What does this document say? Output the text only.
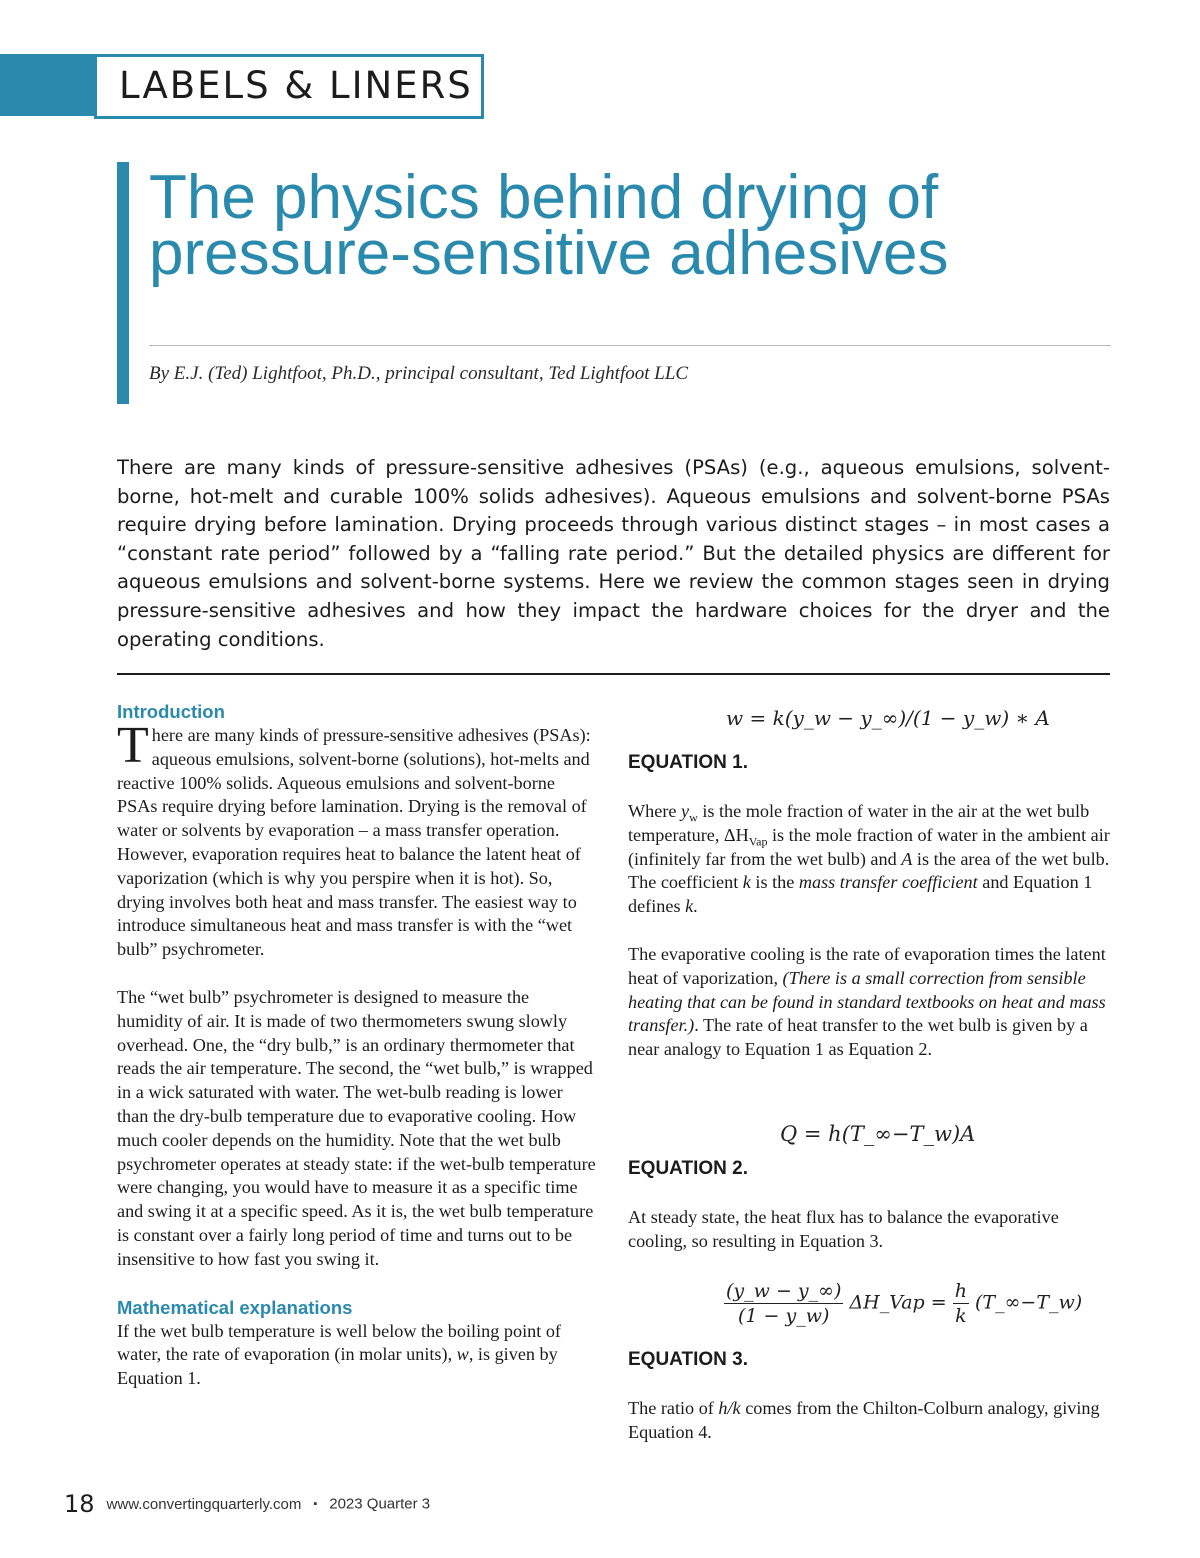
LABELS & LINERS
The physics behind drying of
pressure-sensitive adhesives

By E.J. (Ted) Lightfoot, Ph.D., principal consultant, Ted Lightfoot LLC

There are many kinds of pressure-sensitive adhesives (PSAs) (e.g., aqueous emulsions, solvent-borne, hot-melt and curable 100% solids adhesives). Aqueous emulsions and solvent-borne PSAs require drying before lamination. Drying proceeds through various distinct stages – in most cases a “constant rate period” followed by a “falling rate period.” But the detailed physics are different for aqueous emulsions and solvent-borne systems. Here we review the common stages seen in drying pressure-sensitive adhesives and how they impact the hardware choices for the dryer and the operating conditions.

Introduction

There are many kinds of pressure-sensitive adhesives (PSAs): aqueous emulsions, solvent-borne (solutions), hot-melts and reactive 100% solids. Aqueous emulsions and solvent-borne PSAs require drying before lamination. Drying is the removal of water or solvents by evaporation – a mass transfer operation. However, evaporation requires heat to balance the latent heat of vaporization (which is why you perspire when it is hot). So, drying involves both heat and mass transfer. The easiest way to introduce simultaneous heat and mass transfer is with the “wet bulb” psychrometer.

The “wet bulb” psychrometer is designed to measure the humidity of air. It is made of two thermometers swung slowly overhead. One, the “dry bulb,” is an ordinary thermometer that reads the air temperature. The second, the “wet bulb,” is wrapped in a wick saturated with water. The wet-bulb reading is lower than the dry-bulb temperature due to evaporative cooling. How much cooler depends on the humidity. Note that the wet bulb psychrometer operates at steady state: if the wet-bulb temperature were changing, you would have to measure it as a specific time and swing it at a specific speed. As it is, the wet bulb temperature is constant over a fairly long period of time and turns out to be insensitive to how fast you swing it.

Mathematical explanations

If the wet bulb temperature is well below the boiling point of water, the rate of evaporation (in molar units), w, is given by Equation 1.

w = k(y_w − y_∞)/(1 − y_w) ∗ A

EQUATION 1.

Where $y_w$ is the mole fraction of water in the air at the wet bulb temperature, $\Delta H_{Vap}$ is the mole fraction of water in the ambient air (infinitely far from the wet bulb) and A is the area of the wet bulb. The coefficient k is the mass transfer coefficient and Equation 1 defines k.

The evaporative cooling is the rate of evaporation times the latent heat of vaporization, (There is a small correction from sensible heating that can be found in standard textbooks on heat and mass transfer.). The rate of heat transfer to the wet bulb is given by a near analogy to Equation 1 as Equation 2.

Q = h(T_∞−T_w)A

EQUATION 2.

At steady state, the heat flux has to balance the evaporative cooling, so resulting in Equation 3.

$\frac{(y\_w - y\_\infty)}{(1 - y\_w)}$ ΔH_Vap = $\frac{h}{k}$ (T_∞−T_w)

EQUATION 3.

The ratio of h/k comes from the Chilton-Colburn analogy, giving Equation 4.

18 www.convertingquarterly.com ▪ 2023 Quarter 3
